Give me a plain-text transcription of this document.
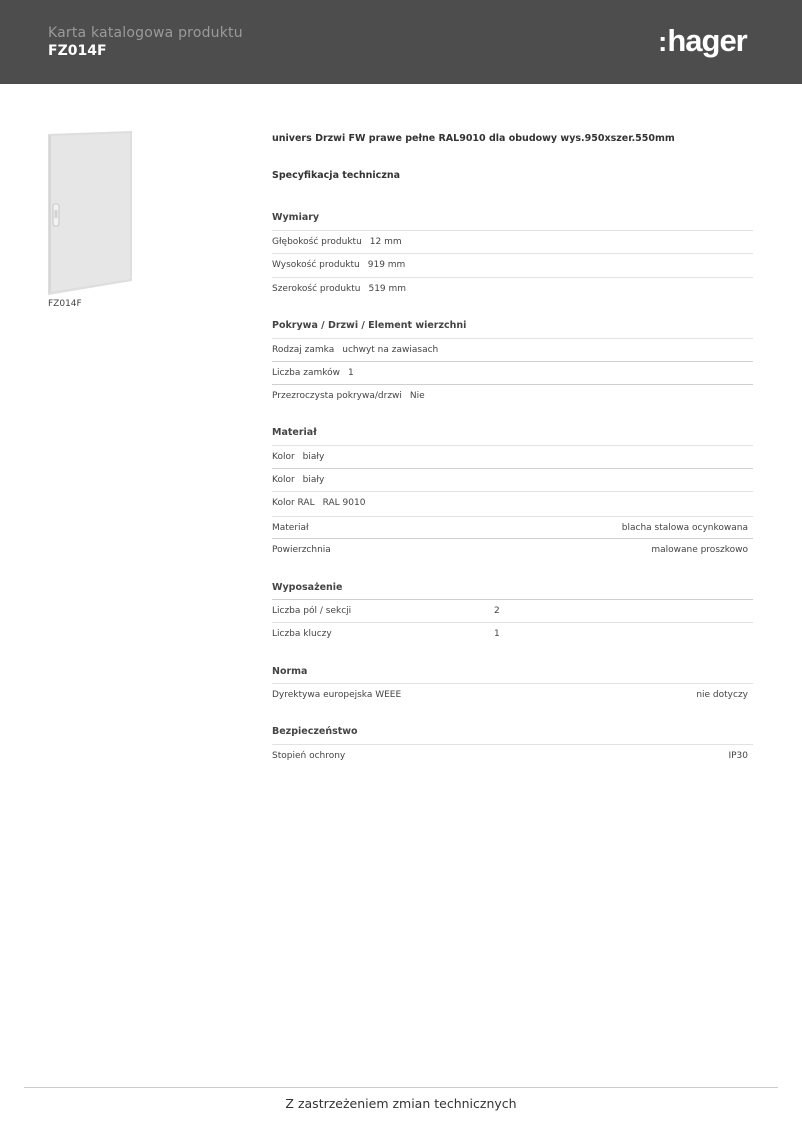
Karta katalogowa produktu
FZ014F	:hager
FZ014F
univers Drzwi FW prawe pełne RAL9010 dla obudowy wys.950xszer.550mm
Specyfikacja techniczna
Wymiary
Głębokość produktu 12 mm
Wysokość produktu 919 mm
Szerokość produktu 519 mm
Pokrywa / Drzwi / Element wierzchni
Rodzaj zamka uchwyt na zawiasach
Liczba zamków 1
Przezroczysta pokrywa/drzwi Nie
Materiał
Kolor biały
Kolor biały
Kolor RAL RAL 9010
Materiał	blacha stalowa ocynkowana
Powierzchnia	malowane proszkowo
Wyposażenie
Liczba pól / sekcji	2
Liczba kluczy	1
Norma
Dyrektywa europejska WEEE	nie dotyczy
Bezpieczeństwo
Stopień ochrony	IP30
Z zastrzeżeniem zmian technicznych
